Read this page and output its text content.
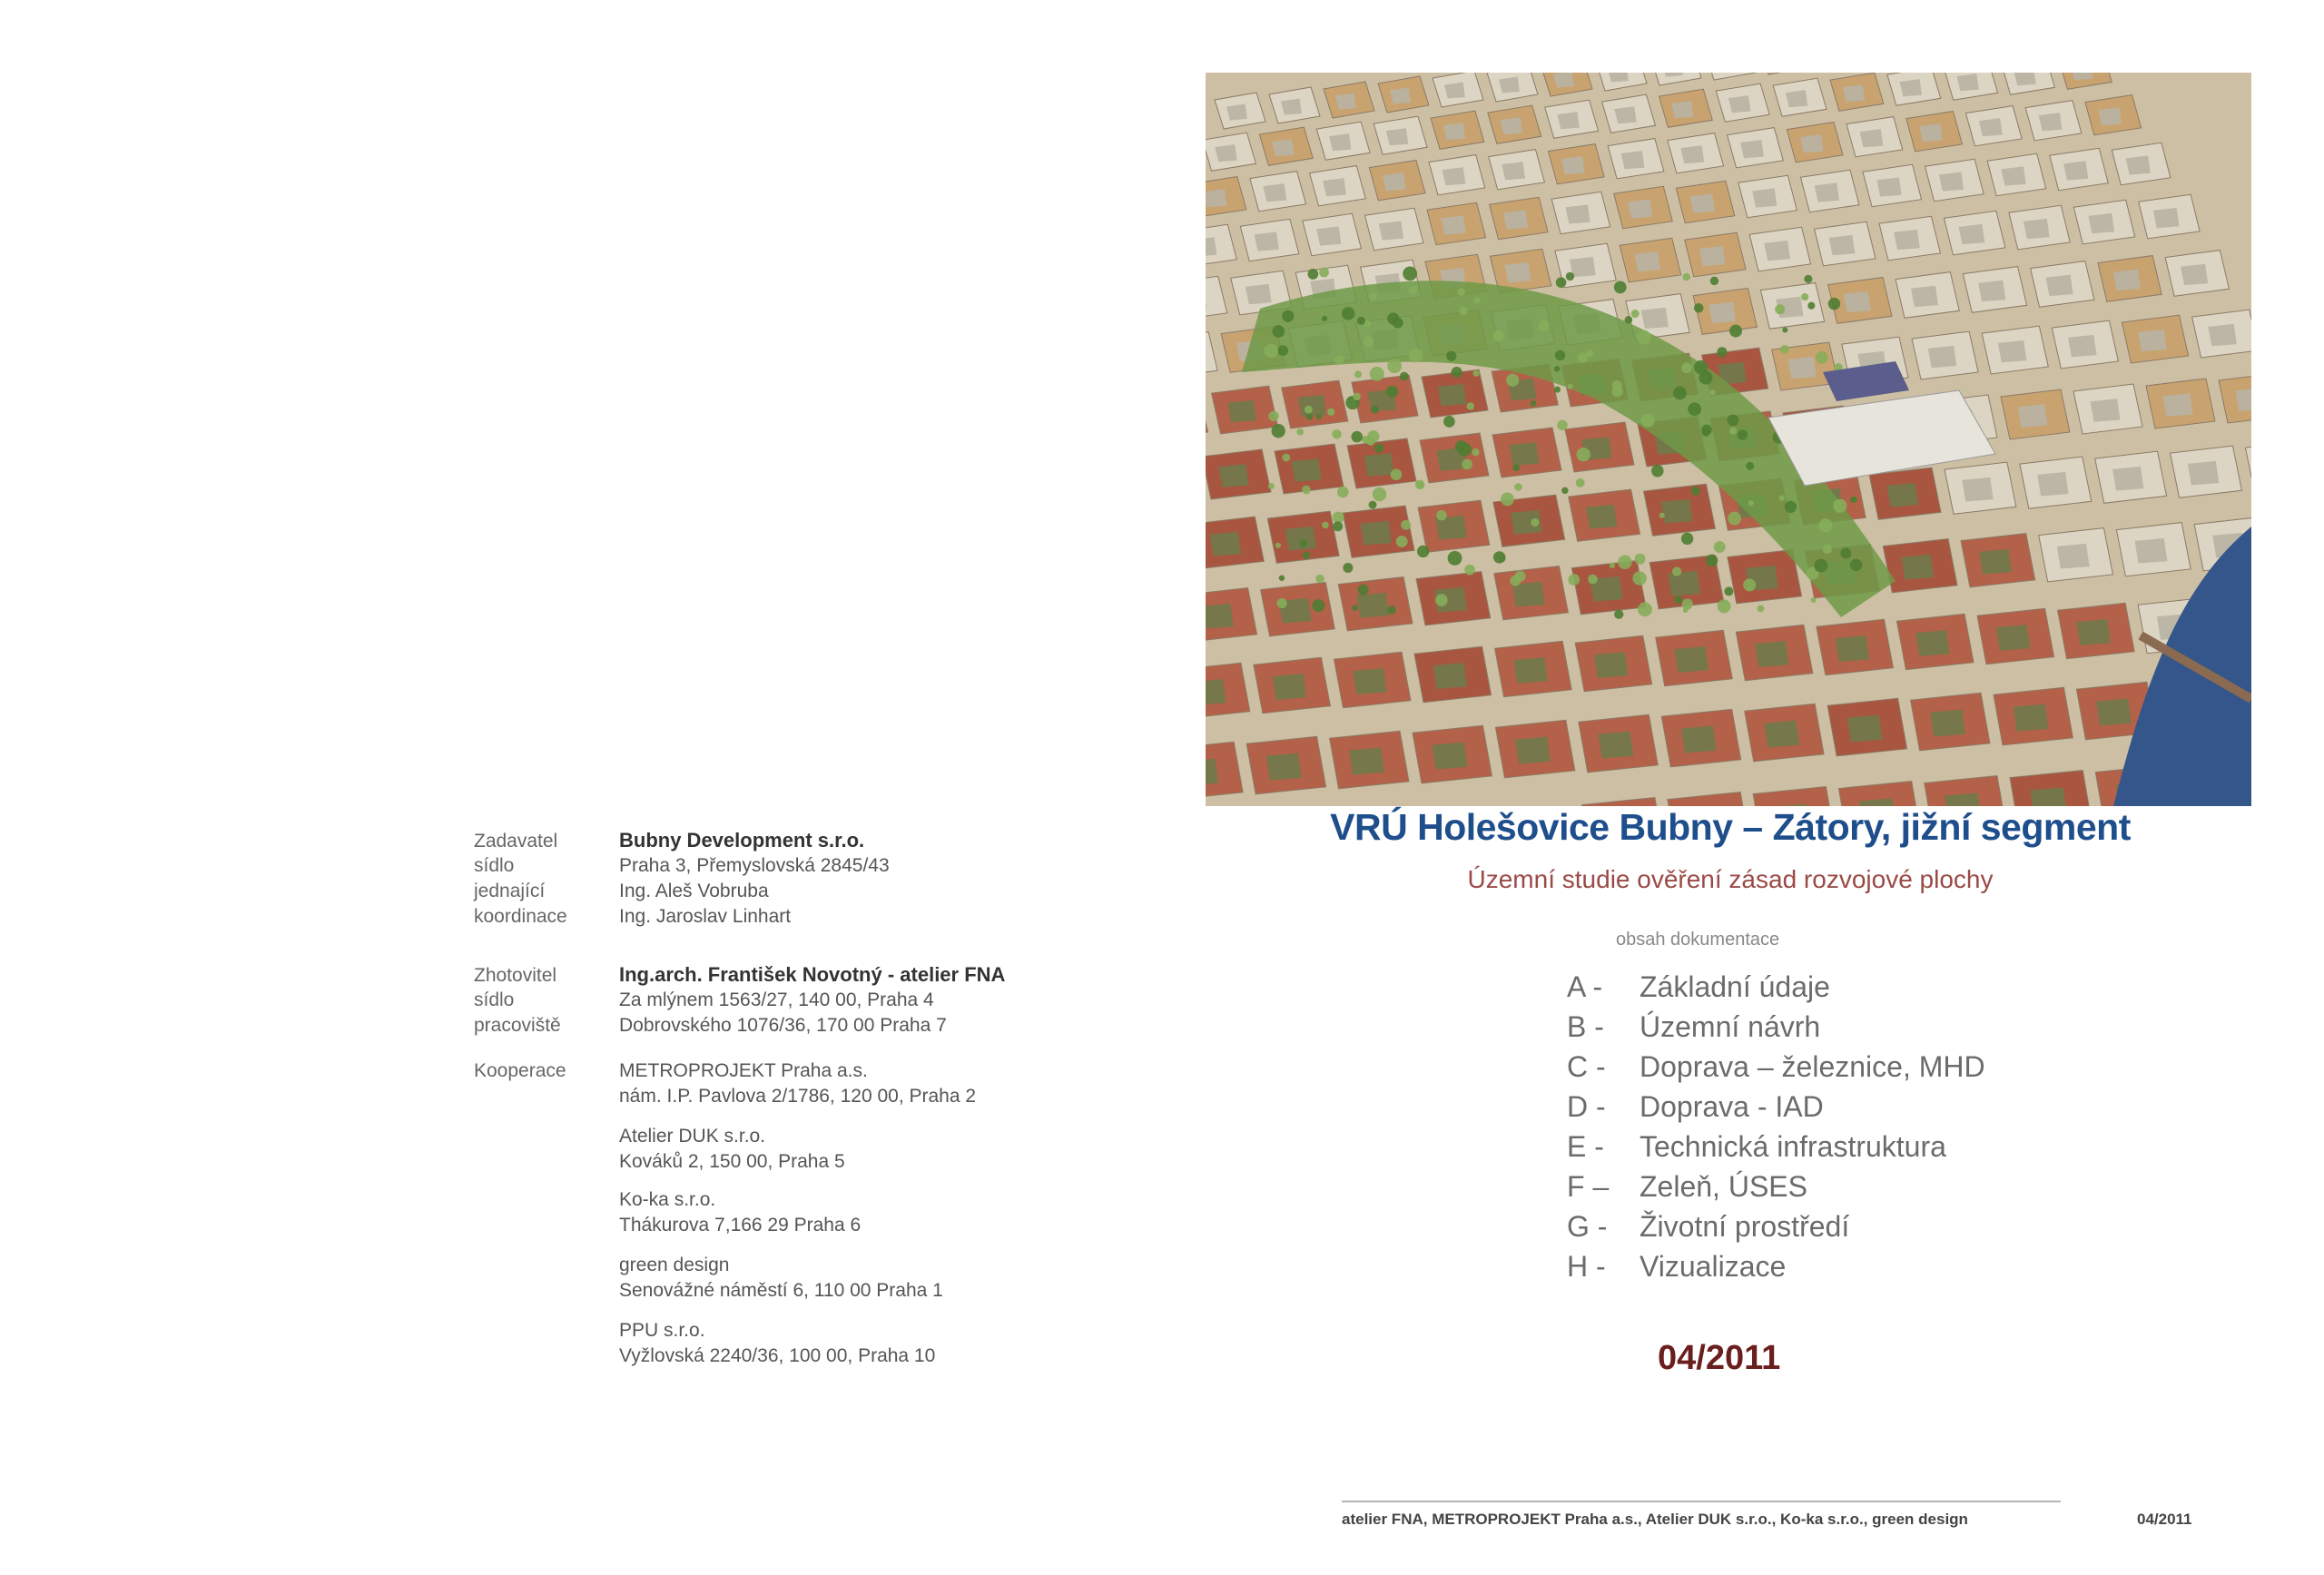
VRÚ Holešovice Bubny – Zátory, jižní segment
Územní studie ověření zásad rozvojové plochy
obsah dokumentace
A - Základní údaje
B - Územní návrh
C - Doprava – železnice, MHD
D - Doprava - IAD
E - Technická infrastruktura
F – Zeleň, ÚSES
G - Životní prostředí
H - Vizualizace
04/2011
Zadavatel	Bubny Development s.r.o.
sídlo	Praha 3, Přemyslovská 2845/43
jednající	Ing. Aleš Vobruba
koordinace	Ing. Jaroslav Linhart
Zhotovitel	Ing.arch. František Novotný - atelier FNA
sídlo	Za mlýnem 1563/27, 140 00, Praha 4
pracoviště	Dobrovského 1076/36, 170 00 Praha 7
Kooperace	METROPROJEKT Praha a.s.
nám. I.P. Pavlova 2/1786, 120 00, Praha 2
Atelier DUK s.r.o.
Kováků 2, 150 00, Praha 5
Ko-ka s.r.o.
Thákurova 7,166 29 Praha 6
green design
Senovážné náměstí 6, 110 00 Praha 1
PPU s.r.o.
Vyžlovská 2240/36, 100 00, Praha 10
atelier FNA, METROPROJEKT Praha a.s., Atelier DUK s.r.o., Ko-ka s.r.o., green design	04/2011
